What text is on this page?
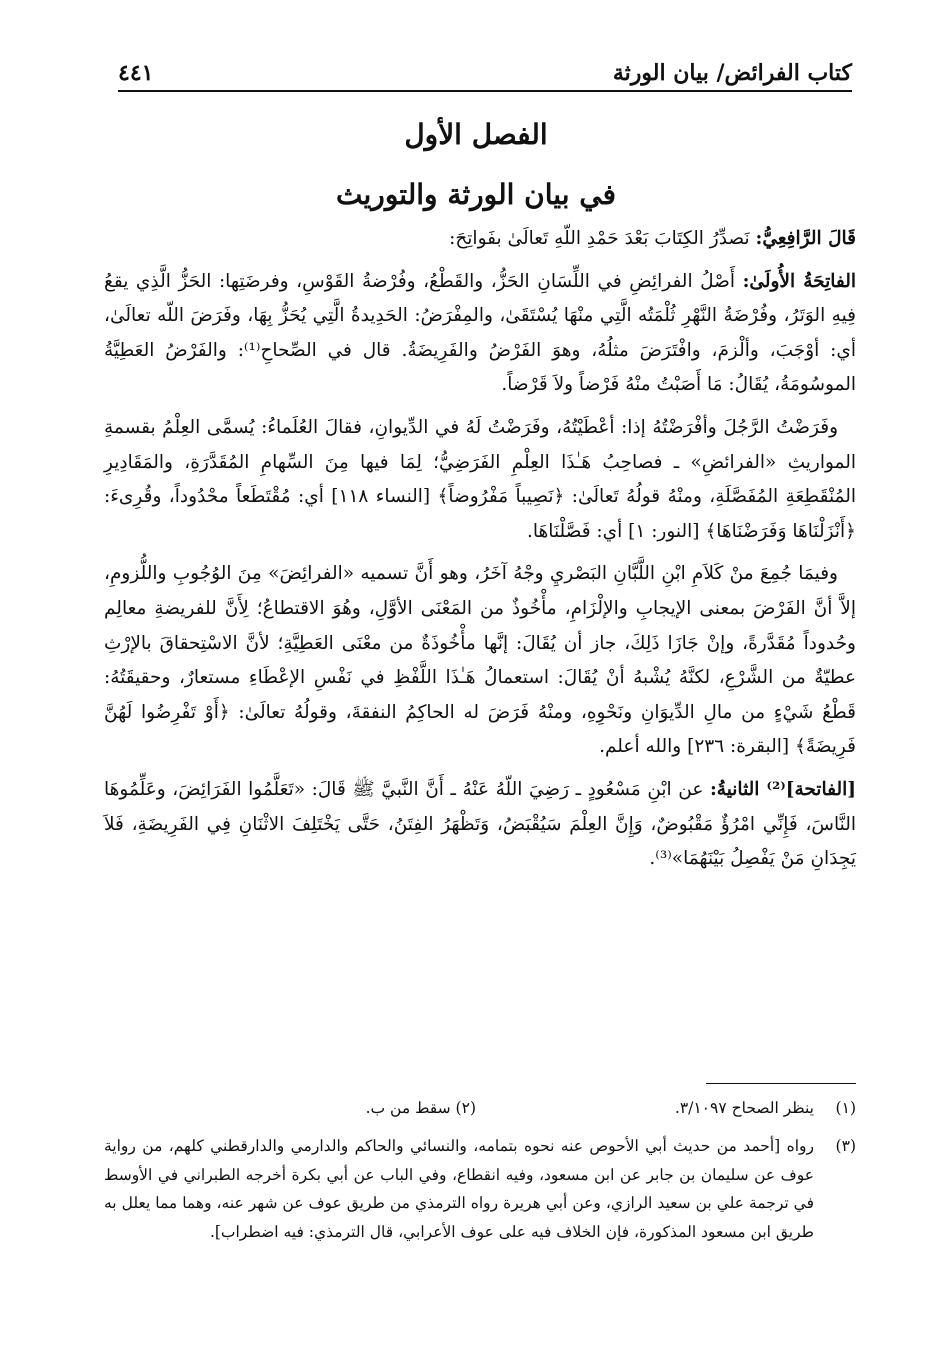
كتاب الفرائض/ بيان الورثة
٤٤١
الفصل الأول
في بيان الورثة والتوريث

قَالَ الرَّافِعِيُّ: نَصدِّرُ الكِتَابَ بَعْدَ حَمْدِ اللّهِ تَعالَىٰ بفَواتِحَ:

الفاتِحَةُ الأُولَىٰ: أَصْلُ الفرائِضِ في اللِّسَانِ الحَزُّ، والقَطْعُ، وفُرْضةُ القَوْسِ، وفرضَتِها: الحَزُّ الَّذِي يقعُ فِيهِ الوَتَرُ، وفُرْضَةُ النَّهْرِ ثُلْمَتُه الَّتِي منْهَا يُسْتَقَىٰ، والمِفْرَضُ: الحَدِيدةُ الَّتِي يُحَزُّ بِهَا، وفَرَضَ اللّه تعالَىٰ، أي: أوْجَبَ، وألْزمَ، وافْتَرَضَ مثلُهُ، وهوَ الفَرْضُ والفَرِيضَةُ. قال في الصِّحاحِ⁽¹⁾: والفَرْضُ العَطِيَّةُ الموسُومَةُ، يُقَالُ: مَا أَصَبْتُ منْهُ فَرْضاً ولاَ قَرْضاً.

وفَرَضْتُ الرَّجُلَ وأفْرَضْتُهُ إذا: أعْطَيْتُهُ، وفَرَضْتُ لَهُ في الدِّيوانِ، فقالَ العُلَماءُ: يُسمَّى العِلْمُ بقسمةِ المواريثِ «الفرائضِ» ـ فصاحِبُ هَـٰذَا العِلْمِ الفَرَضِيُّ؛ لِمَا فيها مِنَ السِّهامِ المُقَدَّرَةِ، والمَقَادِيرِ المُنْقَطِعَةِ المُفَصَّلَةِ، ومنْهُ قولُهُ تَعالَىٰ: ﴿نَصِيباً مَفْرُوضاً﴾ [النساء ١١٨] أي: مُقْتَطَعاً محْدُوداً، وقُرِىءَ: ﴿أَنْزَلْنَاهَا وَفَرَضْنَاهَا﴾ [النور: ١] أي: فَصَّلْنَاهَا.

وفيمَا جُمِعَ منْ كَلاَمِ ابْنِ اللَّبَّانِ البَصْريِ وجْهُ آخَرُ، وهو أَنَّ تسميه «الفرائِضَ» مِنَ الوُجُوبِ واللُّزومِ، إلاَّ أنَّ الفَرْضَ بمعنى الإيجابِ والإلْزَامِ، مأْخُوذٌ من المَعْنَى الأوَّلِ، وهُوَ الاقتطاعُ؛ لِأَنَّ للفريضةِ معالِم وحُدوداً مُقَدَّرةً، وإنْ جَازَا ذَلِكَ، جاز أن يُقَالَ: إنَّها مأْخُوذَةٌ من معْنَى العَطِيَّةِ؛ لأنَّ الاسْتِحقاقَ بالإرْثِ عطيّةٌ من الشَّرْعِ، لكنَّهُ يُشْبهُ أنْ يُقَالَ: استعمالُ هَـٰذَا اللَّفْظِ في نَفْسِ الإعْطَاءِ مستعارٌ، وحقيقَتُهُ: قَطْعُ شَيْءٍ من مالِ الدِّيوَانِ ونَحْوِهِ، ومنْهُ فَرَضَ له الحاكِمُ النفقةَ، وقولُهُ تعالَىٰ: ﴿أَوْ تَفْرِضُوا لَهُنَّ فَرِيضَةً﴾ [البقرة: ٢٣٦] والله أعلم.

[الفاتحة]⁽²⁾ الثانيةُ: عن ابْنِ مَسْعُودٍ ـ رَضِيَ اللّهُ عَنْهُ ـ أَنَّ النَّبيَّ ﷺ قَالَ: «تَعَلَّمُوا الفَرَائِضَ، وعَلِّمُوهَا النَّاسَ، فَإِنِّي امْرُؤٌ مَقْبُوضٌ، وَإِنَّ العِلْمَ سَيُقْبَضُ، وَتَظْهَرُ الفِتَنُ، حَتَّى يَخْتَلِفَ الاثْنَانِ فِي الفَرِيضَةِ، فَلاَ يَجِدَانِ مَنْ يَفْصِلُ بَيْنَهُمَا»⁽³⁾.

(١)
ينظر الصحاح ٣/١٠٩٧.
(٢) سقط من ب.
(٣)
رواه [أحمد من حديث أبي الأحوص عنه نحوه بتمامه، والنسائي والحاكم والدارمي والدارقطني كلهم، من رواية عوف عن سليمان بن جابر عن ابن مسعود، وفيه انقطاع، وفي الباب عن أبي بكرة أخرجه الطبراني في الأوسط في ترجمة علي بن سعيد الرازي، وعن أبي هريرة رواه الترمذي من طريق عوف عن شهر عنه، وهما مما يعلل به طريق ابن مسعود المذكورة، فإن الخلاف فيه على عوف الأعرابي، قال الترمذي: فيه اضطراب].
